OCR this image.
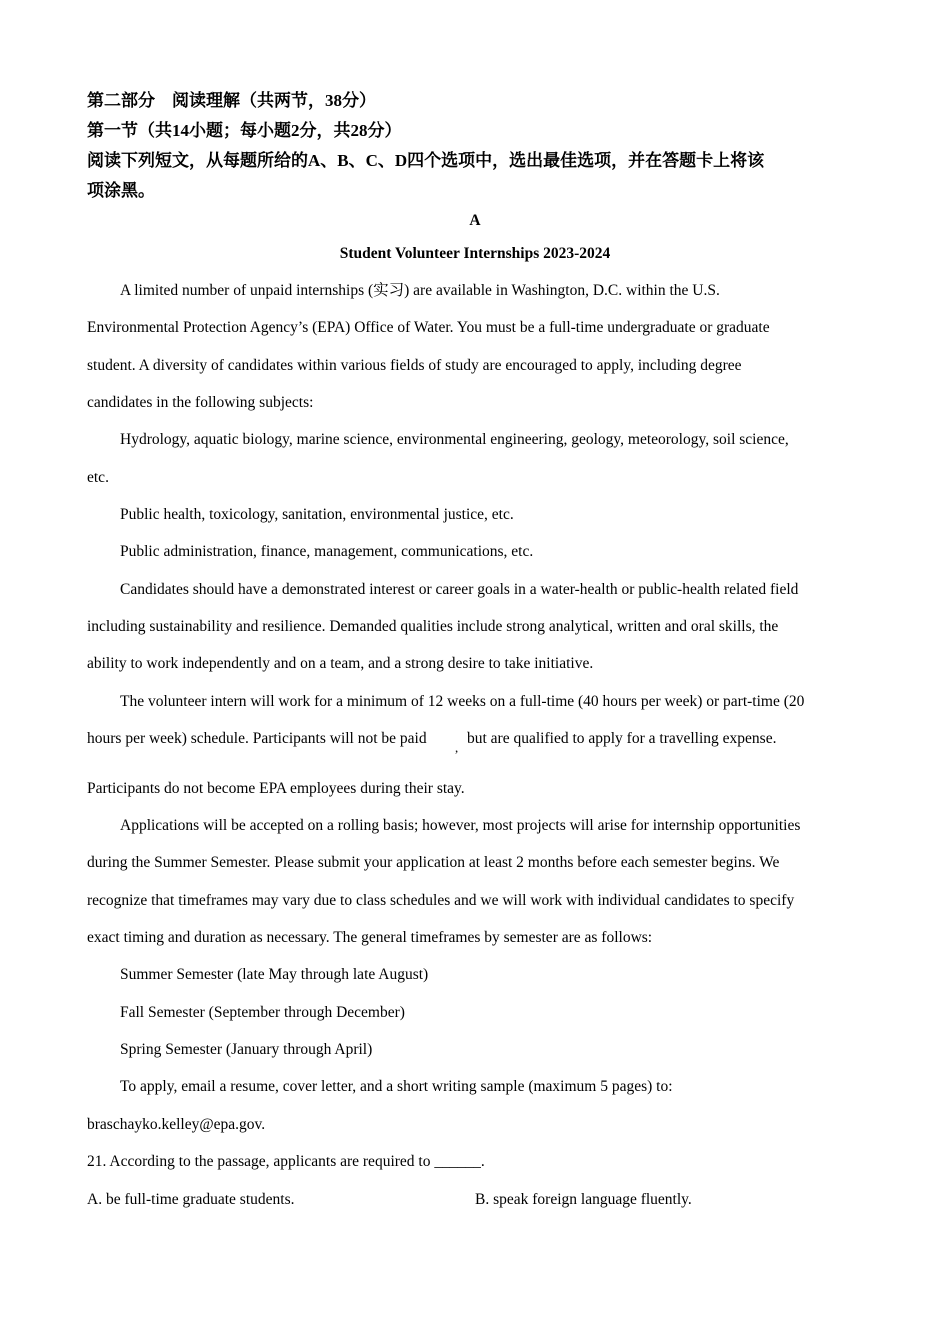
第二部分　阅读理解（共两节，38分）
第一节（共14小题；每小题2分，共28分）
阅读下列短文，从每题所给的A、B、C、D四个选项中，选出最佳选项，并在答题卡上将该
项涂黑。
A
Student Volunteer Internships 2023-2024
A limited number of unpaid internships (实习) are available in Washington, D.C. within the U.S.
Environmental Protection Agency’s (EPA) Office of Water. You must be a full-time undergraduate or graduate
student. A diversity of candidates within various fields of study are encouraged to apply, including degree
candidates in the following subjects:
Hydrology, aquatic biology, marine science, environmental engineering, geology, meteorology, soil science,
etc.
Public health, toxicology, sanitation, environmental justice, etc.
Public administration, finance, management, communications, etc.
Candidates should have a demonstrated interest or career goals in a water-health or public-health related field
including sustainability and resilience. Demanded qualities include strong analytical, written and oral skills, the
ability to work independently and on a team, and a strong desire to take initiative.
The volunteer intern will work for a minimum of 12 weeks on a full-time (40 hours per week) or part-time (20
hours per week) schedule. Participants will not be paid
,
but are qualified to apply for a travelling expense.
Participants do not become EPA employees during their stay.
Applications will be accepted on a rolling basis; however, most projects will arise for internship opportunities
during the Summer Semester. Please submit your application at least 2 months before each semester begins. We
recognize that timeframes may vary due to class schedules and we will work with individual candidates to specify
exact timing and duration as necessary. The general timeframes by semester are as follows:
Summer Semester (late May through late August)
Fall Semester (September through December)
Spring Semester (January through April)
To apply, email a resume, cover letter, and a short writing sample (maximum 5 pages) to:
braschayko.kelley@epa.gov.
21. According to the passage, applicants are required to ______.
A. be full-time graduate students.	B. speak foreign language fluently.
